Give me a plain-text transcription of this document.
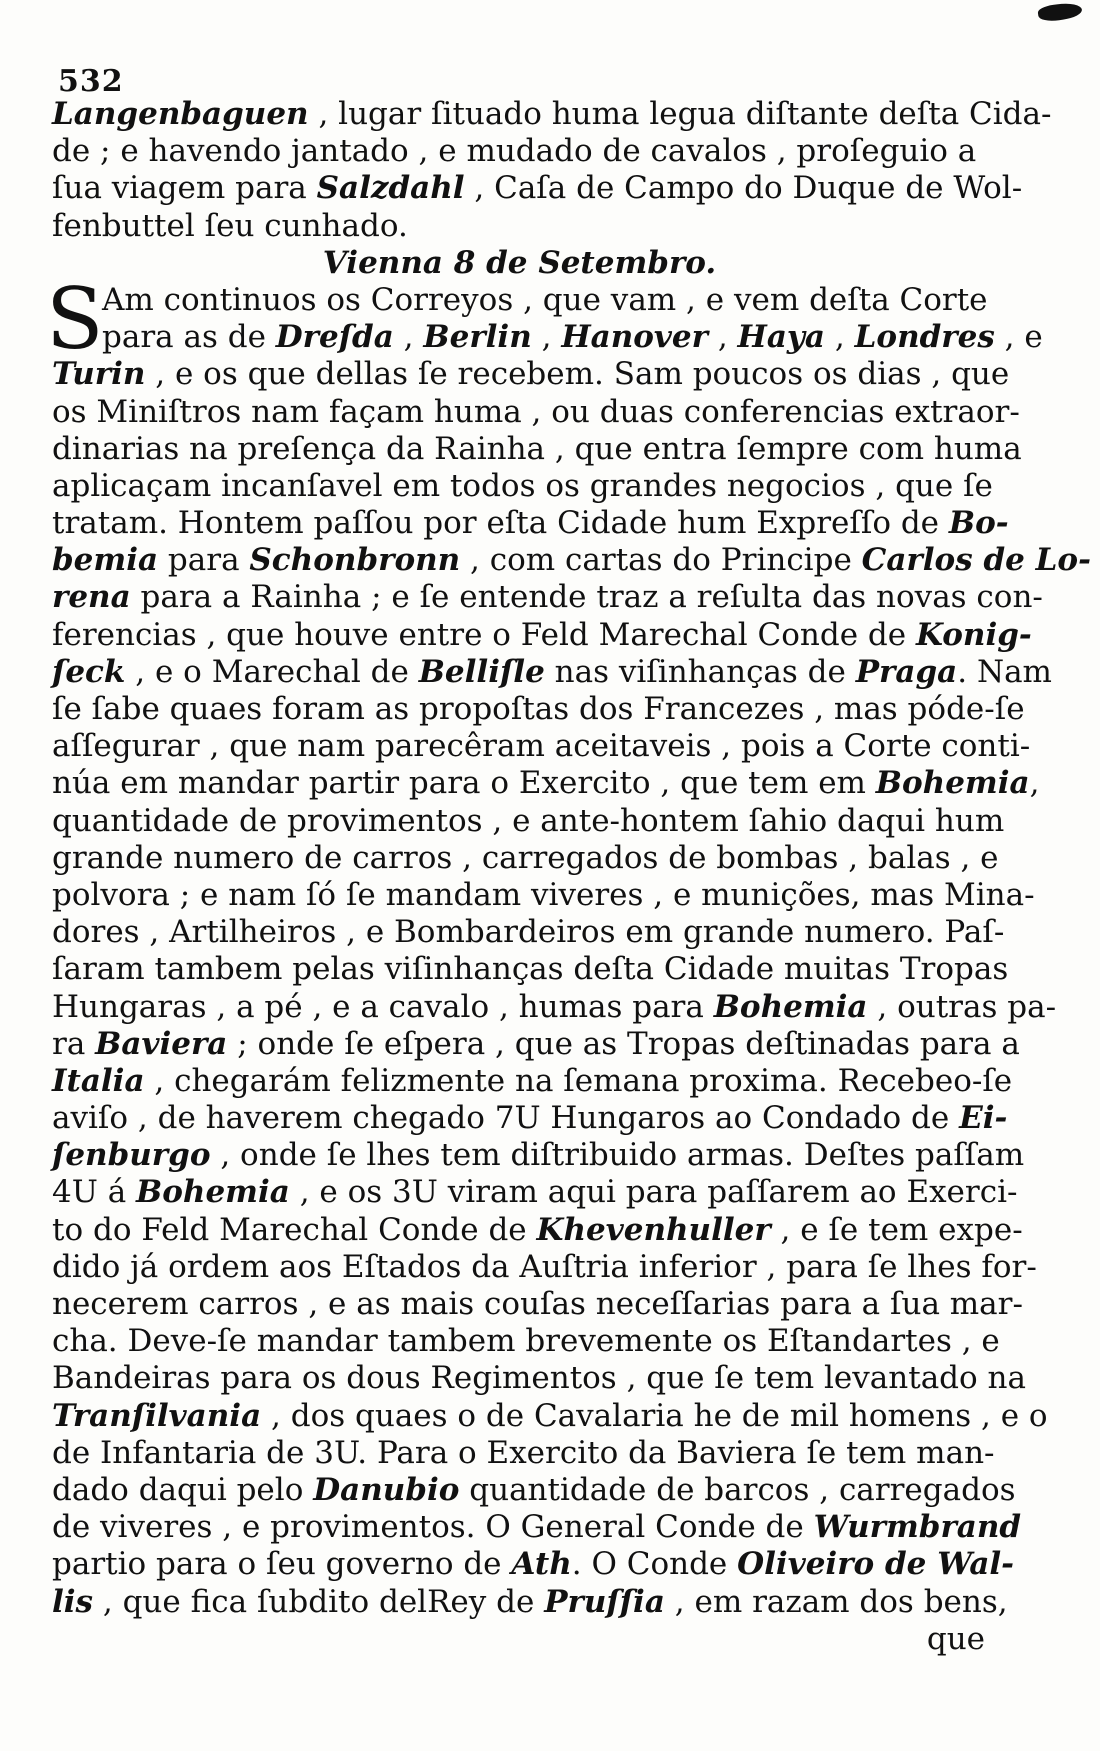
532
Langenbaguen , lugar ſituado huma legua diſtante deſta Cida-
de ; e havendo jantado , e mudado de cavalos , proſeguio a
ſua viagem para Salzdahl , Caſa de Campo do Duque de Wol-
fenbuttel ſeu cunhado.
Vienna 8 de Setembro.
S
Am continuos os Correyos , que vam , e vem deſta Corte
para as de Dreſda , Berlin , Hanover , Haya , Londres , e
Turin , e os que dellas ſe recebem. Sam poucos os dias , que
os Miniſtros nam façam huma , ou duas conferencias extraor-
dinarias na preſença da Rainha , que entra ſempre com huma
aplicaçam incanſavel em todos os grandes negocios , que ſe
tratam. Hontem paſſou por eſta Cidade hum Expreſſo de Bo-
bemia para Schonbronn , com cartas do Principe Carlos de Lo-
rena para a Rainha ; e ſe entende traz a reſulta das novas con-
ferencias , que houve entre o Feld Marechal Conde de Konig-
ſeck , e o Marechal de Belliſle nas viſinhanças de Praga. Nam
ſe ſabe quaes foram as propoſtas dos Francezes , mas póde-ſe
aſſegurar , que nam parecêram aceitaveis , pois a Corte conti-
núa em mandar partir para o Exercito , que tem em Bohemia,
quantidade de provimentos , e ante-hontem ſahio daqui hum
grande numero de carros , carregados de bombas , balas , e
polvora ; e nam ſó ſe mandam viveres , e munições, mas Mina-
dores , Artilheiros , e Bombardeiros em grande numero. Paſ-
ſaram tambem pelas viſinhanças deſta Cidade muitas Tropas
Hungaras , a pé , e a cavalo , humas para Bohemia , outras pa-
ra Baviera ; onde ſe eſpera , que as Tropas deſtinadas para a
Italia , chegarám felizmente na ſemana proxima. Recebeo-ſe
aviſo , de haverem chegado 7U Hungaros ao Condado de Ei-
ſenburgo , onde ſe lhes tem diſtribuido armas. Deſtes paſſam
4U á Bohemia , e os 3U viram aqui para paſſarem ao Exerci-
to do Feld Marechal Conde de Khevenhuller , e ſe tem expe-
dido já ordem aos Eſtados da Auſtria inferior , para ſe lhes for-
necerem carros , e as mais couſas neceſſarias para a ſua mar-
cha. Deve-ſe mandar tambem brevemente os Eſtandartes , e
Bandeiras para os dous Regimentos , que ſe tem levantado na
Tranſilvania , dos quaes o de Cavalaria he de mil homens , e o
de Infantaria de 3U. Para o Exercito da Baviera ſe tem man-
dado daqui pelo Danubio quantidade de barcos , carregados
de viveres , e provimentos. O General Conde de Wurmbrand
partio para o ſeu governo de Ath. O Conde Oliveiro de Wal-
lis , que fica ſubdito delRey de Pruſſia , em razam dos bens,
que
